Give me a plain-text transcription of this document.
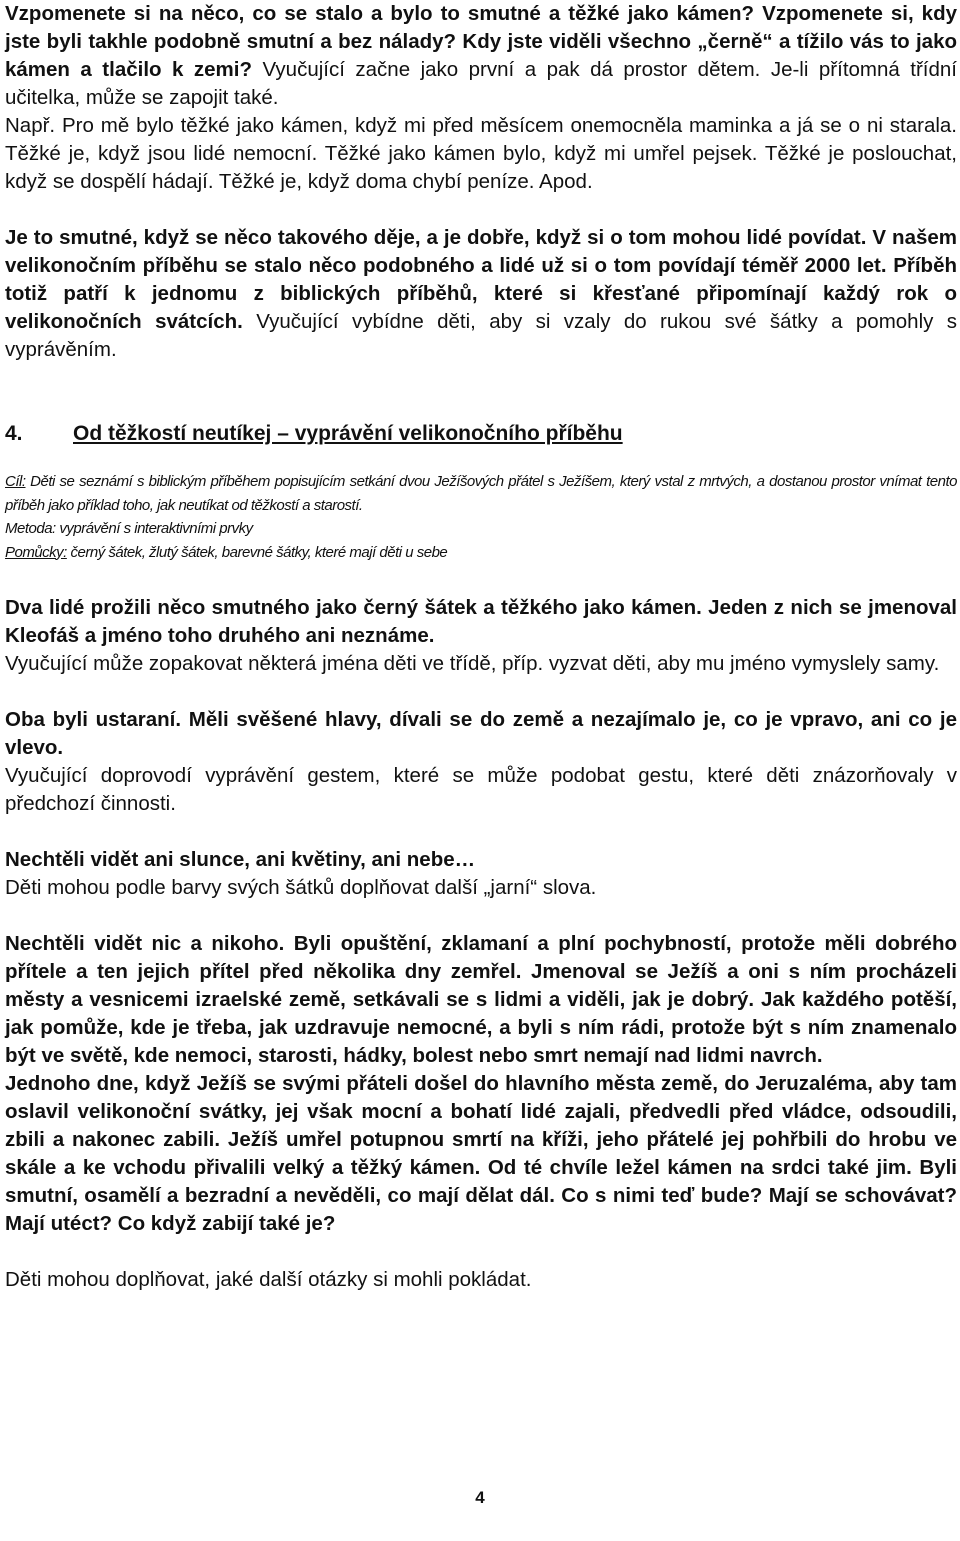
Vzpomenete si na něco, co se stalo a bylo to smutné a těžké jako kámen? Vzpomenete si, kdy jste byli takhle podobně smutní a bez nálady? Kdy jste viděli všechno „černě“ a tížilo vás to jako kámen a tlačilo k zemi? Vyučující začne jako první a pak dá prostor dětem. Je-li přítomná třídní učitelka, může se zapojit také.

Např. Pro mě bylo těžké jako kámen, když mi před měsícem onemocněla maminka a já se o ni starala. Těžké je, když jsou lidé nemocní. Těžké jako kámen bylo, když mi umřel pejsek. Těžké je poslouchat, když se dospělí hádají. Těžké je, když doma chybí peníze. Apod.

Je to smutné, když se něco takového děje, a je dobře, když si o tom mohou lidé povídat. V našem velikonočním příběhu se stalo něco podobného a lidé už si o tom povídají téměř 2000 let. Příběh totiž patří k jednomu z biblických příběhů, které si křesťané připomínají každý rok o velikonočních svátcích. Vyučující vybídne děti, aby si vzaly do rukou své šátky a pomohly s vyprávěním.

4. Od těžkostí neutíkej – vyprávění velikonočního příběhu
Cíl: Děti se seznámí s biblickým příběhem popisujícím setkání dvou Ježíšových přátel s Ježíšem, který vstal z mrtvých, a dostanou prostor vnímat tento příběh jako příklad toho, jak neutíkat od těžkostí a starostí.
Metoda: vyprávění s interaktivními prvky
Pomůcky: černý šátek, žlutý šátek, barevné šátky, které mají děti u sebe

Dva lidé prožili něco smutného jako černý šátek a těžkého jako kámen. Jeden z nich se jmenoval Kleofáš a jméno toho druhého ani neznáme.

Vyučující může zopakovat některá jména děti ve třídě, příp. vyzvat děti, aby mu jméno vymyslely samy.

Oba byli ustaraní. Měli svěšené hlavy, dívali se do země a nezajímalo je, co je vpravo, ani co je vlevo.

Vyučující doprovodí vyprávění gestem, které se může podobat gestu, které děti znázorňovaly v předchozí činnosti.

Nechtěli vidět ani slunce, ani květiny, ani nebe…

Děti mohou podle barvy svých šátků doplňovat další „jarní“ slova.

Nechtěli vidět nic a nikoho. Byli opuštění, zklamaní a plní pochybností, protože měli dobrého přítele a ten jejich přítel před několika dny zemřel. Jmenoval se Ježíš a oni s ním procházeli městy a vesnicemi izraelské země, setkávali se s lidmi a viděli, jak je dobrý. Jak každého potěší, jak pomůže, kde je třeba, jak uzdravuje nemocné, a byli s ním rádi, protože být s ním znamenalo být ve světě, kde nemoci, starosti, hádky, bolest nebo smrt nemají nad lidmi navrch.

Jednoho dne, když Ježíš se svými přáteli došel do hlavního města země, do Jeruzaléma, aby tam oslavil velikonoční svátky, jej však mocní a bohatí lidé zajali, předvedli před vládce, odsoudili, zbili a nakonec zabili. Ježíš umřel potupnou smrtí na kříži, jeho přátelé jej pohřbili do hrobu ve skále a ke vchodu přivalili velký a těžký kámen. Od té chvíle ležel kámen na srdci také jim. Byli smutní, osamělí a bezradní a nevěděli, co mají dělat dál. Co s nimi teď bude? Mají se schovávat? Mají utéct? Co když zabijí také je?

Děti mohou doplňovat, jaké další otázky si mohli pokládat.

4
